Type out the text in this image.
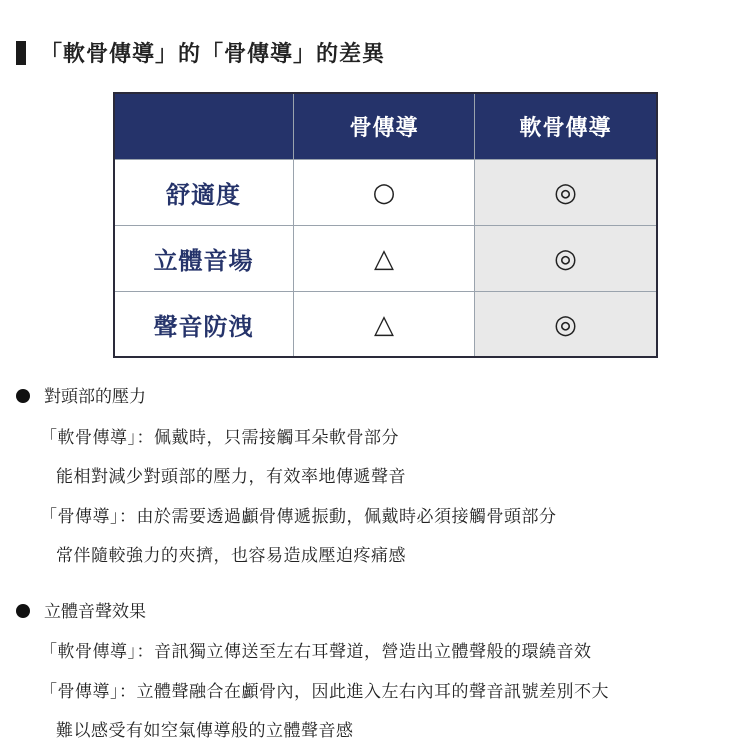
「軟骨傳導」的「骨傳導」的差異
	骨傳導	軟骨傳導
舒適度	○	◎
立體音場	△	◎
聲音防洩	△	◎
對頭部的壓力
「軟骨傳導」：佩戴時，只需接觸耳朵軟骨部分
能相對減少對頭部的壓力，有效率地傳遞聲音
「骨傳導」：由於需要透過顱骨傳遞振動，佩戴時必須接觸骨頭部分
常伴隨較強力的夾擠，也容易造成壓迫疼痛感
立體音聲效果
「軟骨傳導」：音訊獨立傳送至左右耳聲道，營造出立體聲般的環繞音效
「骨傳導」：立體聲融合在顱骨內，因此進入左右內耳的聲音訊號差別不大
難以感受有如空氣傳導般的立體聲音感
